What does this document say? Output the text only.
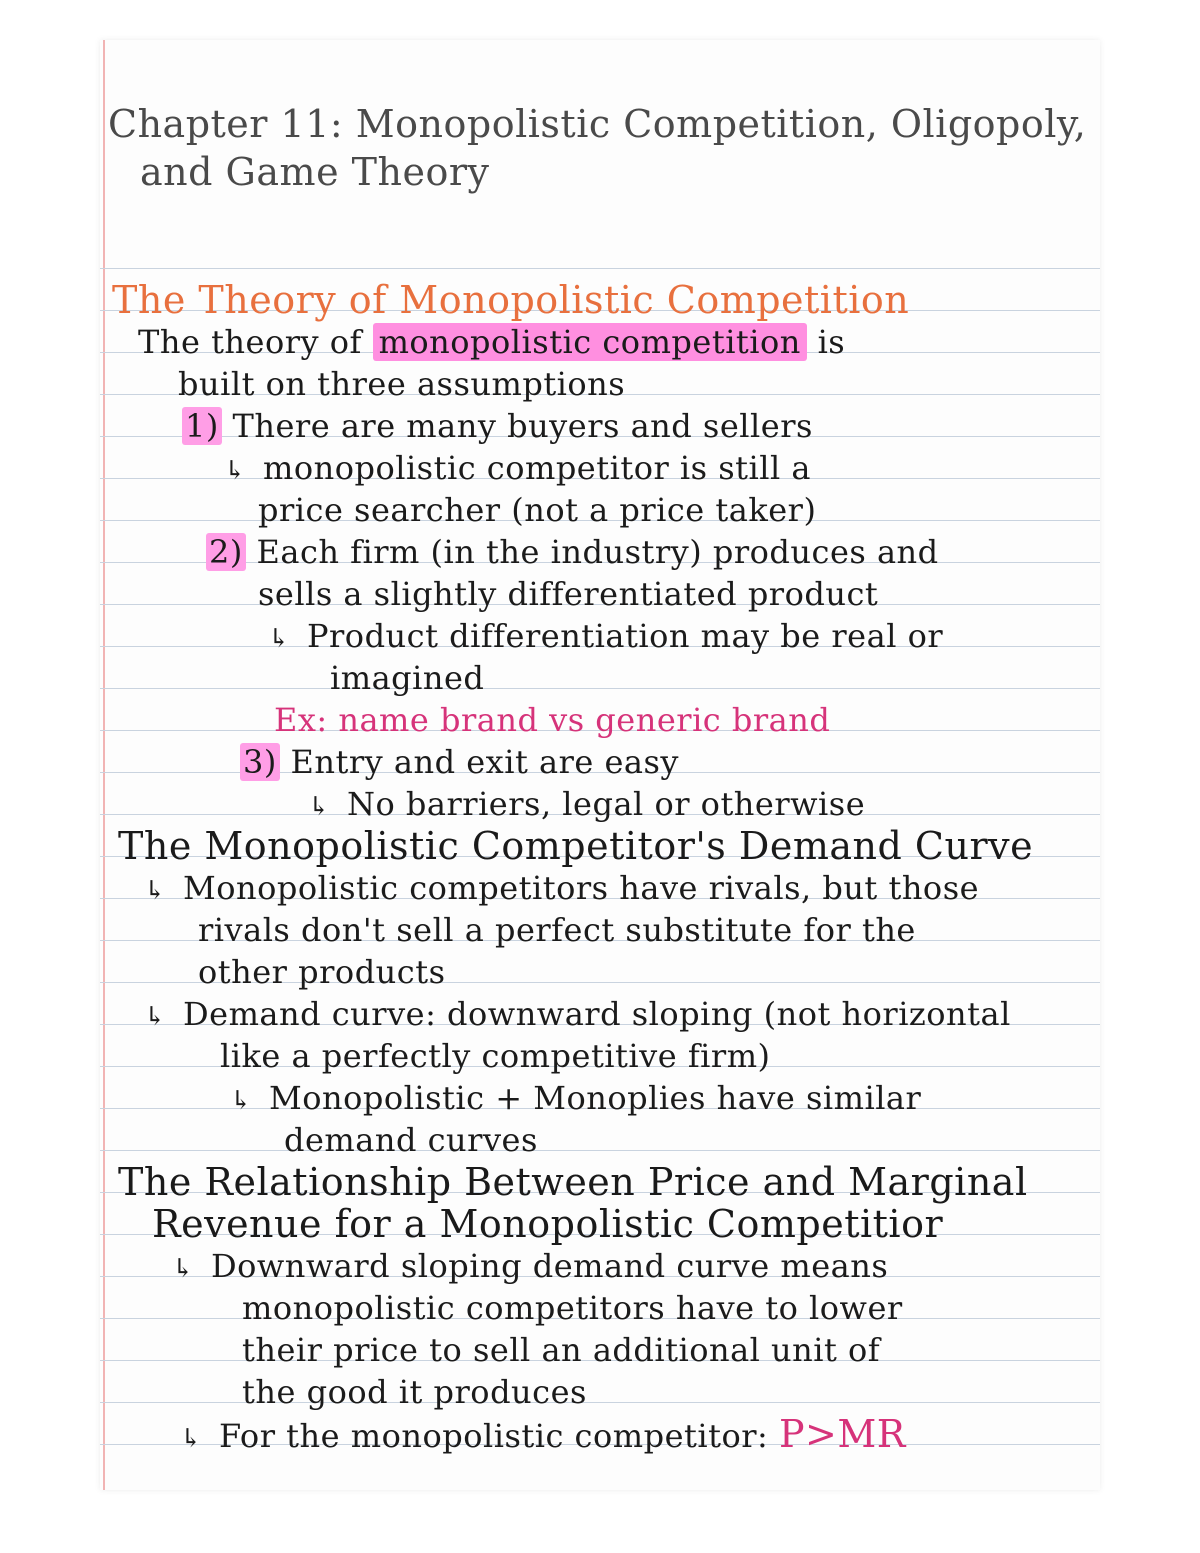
Chapter 11: Monopolistic Competition, Oligopoly,
and Game Theory
The Theory of Monopolistic Competition
The theory of monopolistic competition is
built on three assumptions
1) There are many buyers and sellers
↳ monopolistic competitor is still a
price searcher (not a price taker)
2) Each firm (in the industry) produces and
sells a slightly differentiated product
↳ Product differentiation may be real or
imagined
Ex: name brand vs generic brand
3) Entry and exit are easy
↳ No barriers, legal or otherwise
The Monopolistic Competitor's Demand Curve
↳ Monopolistic competitors have rivals, but those
rivals don't sell a perfect substitute for the
other products
↳ Demand curve: downward sloping (not horizontal
like a perfectly competitive firm)
↳ Monopolistic + Monoplies have similar
demand curves
The Relationship Between Price and Marginal
Revenue for a Monopolistic Competitior
↳ Downward sloping demand curve means
monopolistic competitors have to lower
their price to sell an additional unit of
the good it produces
↳ For the monopolistic competitor: P>MR
